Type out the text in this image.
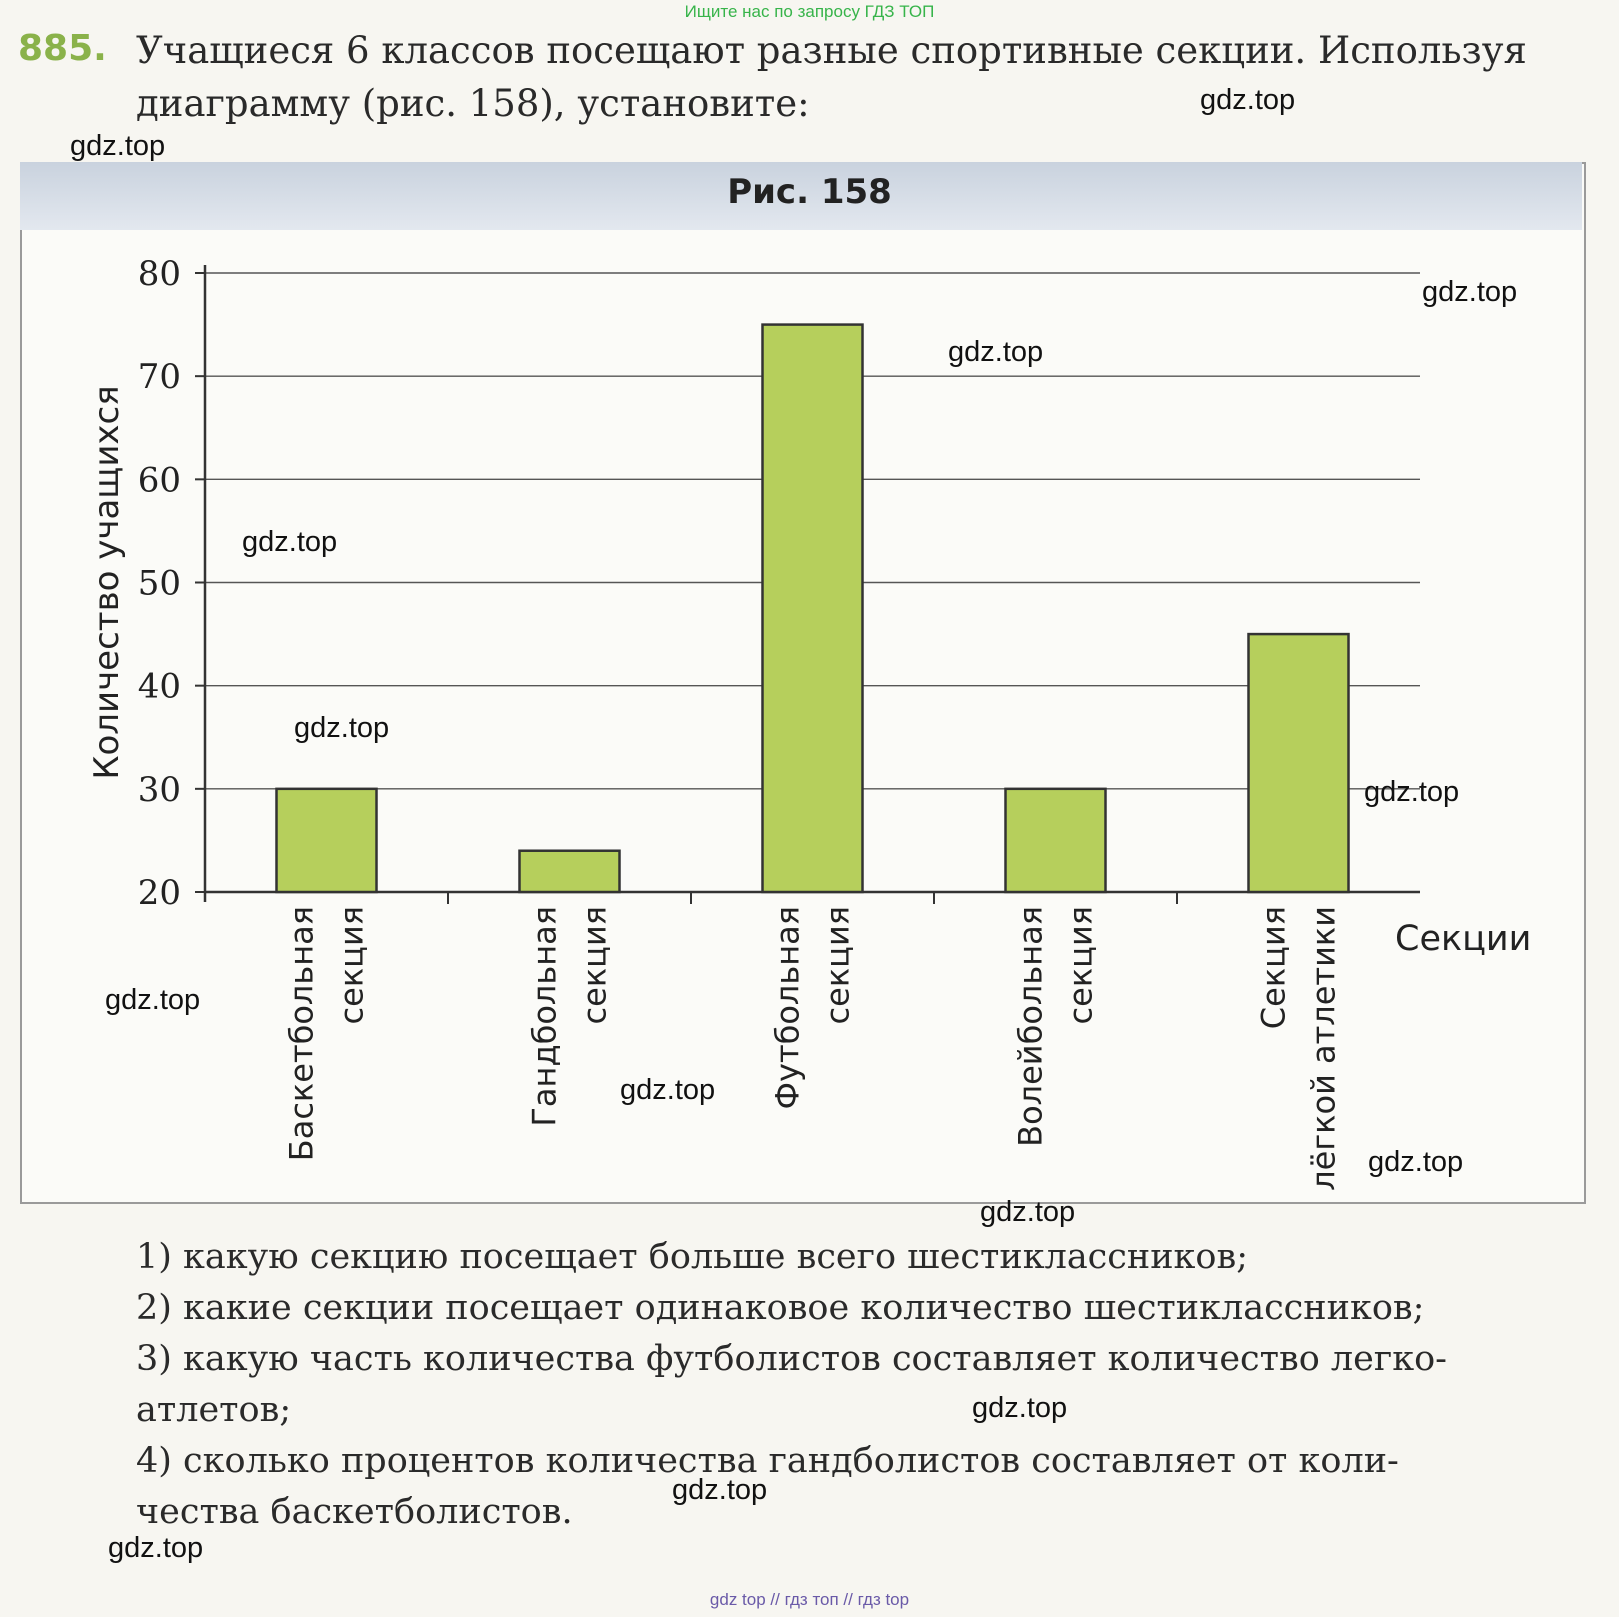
Ищите нас по запросу ГДЗ ТОП
885. Учащиеся 6 классов посещают разные спортивные секции. Используя
диаграмму (рис. 158), установите:
Рис. 158
20
30
40
50
60
70
80
Баскетбольная секция	Гандбольная секция	Футбольная секция	Волейбольная секция	Секция лёгкой атлетики
Количество учащихся
Секции
1) какую секцию посещает больше всего шестиклассников;
2) какие секции посещает одинаковое количество шестиклассников;
3) какую часть количества футболистов составляет количество легко-
атлетов;
4) сколько процентов количества гандболистов составляет от коли-
чества баскетболистов.
gdz.top
gdz.top
gdz.top
gdz.top
gdz.top
gdz.top
gdz.top
gdz.top
gdz.top
gdz.top
gdz.top
gdz.top
gdz.top
gdz.top
gdz top // гдз топ // гдз top
